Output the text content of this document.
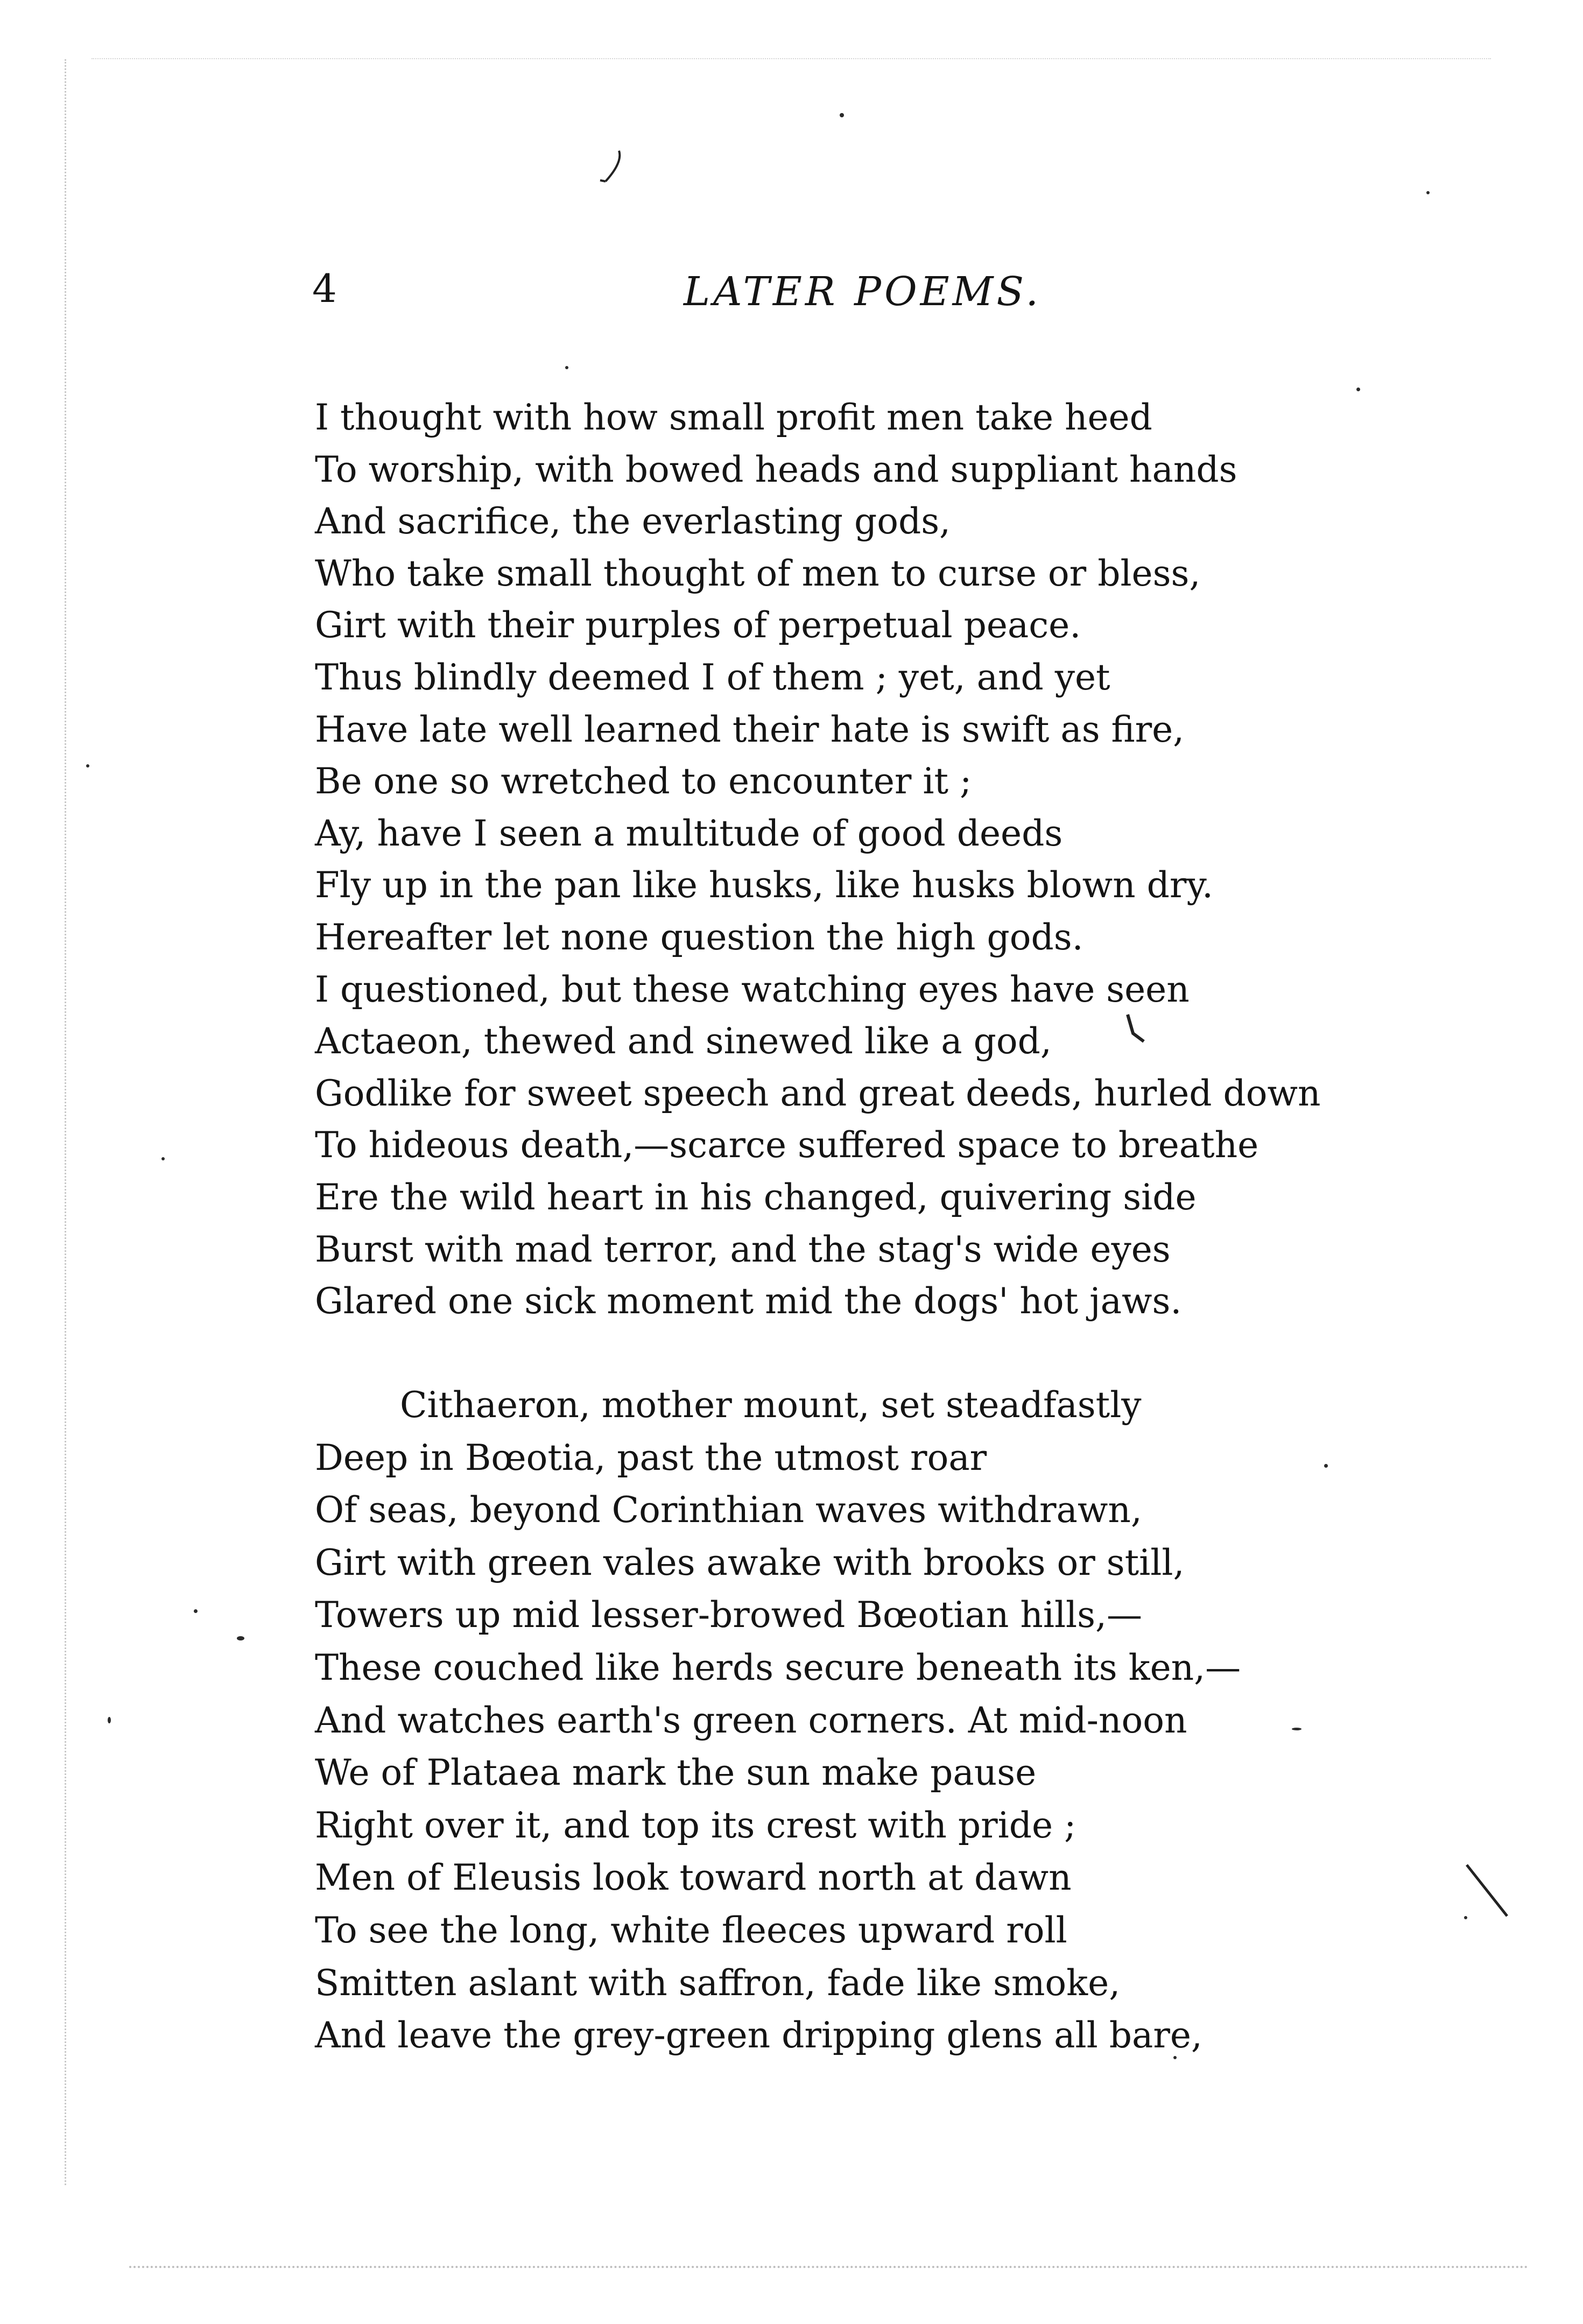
4	LATER POEMS.
I thought with how small profit men take heed
To worship, with bowed heads and suppliant hands
And sacrifice, the everlasting gods,
Who take small thought of men to curse or bless,
Girt with their purples of perpetual peace.
Thus blindly deemed I of them ; yet, and yet
Have late well learned their hate is swift as fire,
Be one so wretched to encounter it ;
Ay, have I seen a multitude of good deeds
Fly up in the pan like husks, like husks blown dry.
Hereafter let none question the high gods.
I questioned, but these watching eyes have seen
Actaeon, thewed and sinewed like a god,
Godlike for sweet speech and great deeds, hurled down
To hideous death,—scarce suffered space to breathe
Ere the wild heart in his changed, quivering side
Burst with mad terror, and the stag's wide eyes
Glared one sick moment mid the dogs' hot jaws.
Cithaeron, mother mount, set steadfastly
Deep in Bœotia, past the utmost roar
Of seas, beyond Corinthian waves withdrawn,
Girt with green vales awake with brooks or still,
Towers up mid lesser-browed Bœotian hills,—
These couched like herds secure beneath its ken,—
And watches earth's green corners. At mid-noon
We of Plataea mark the sun make pause
Right over it, and top its crest with pride ;
Men of Eleusis look toward north at dawn
To see the long, white fleeces upward roll
Smitten aslant with saffron, fade like smoke,
And leave the grey-green dripping glens all bare,
